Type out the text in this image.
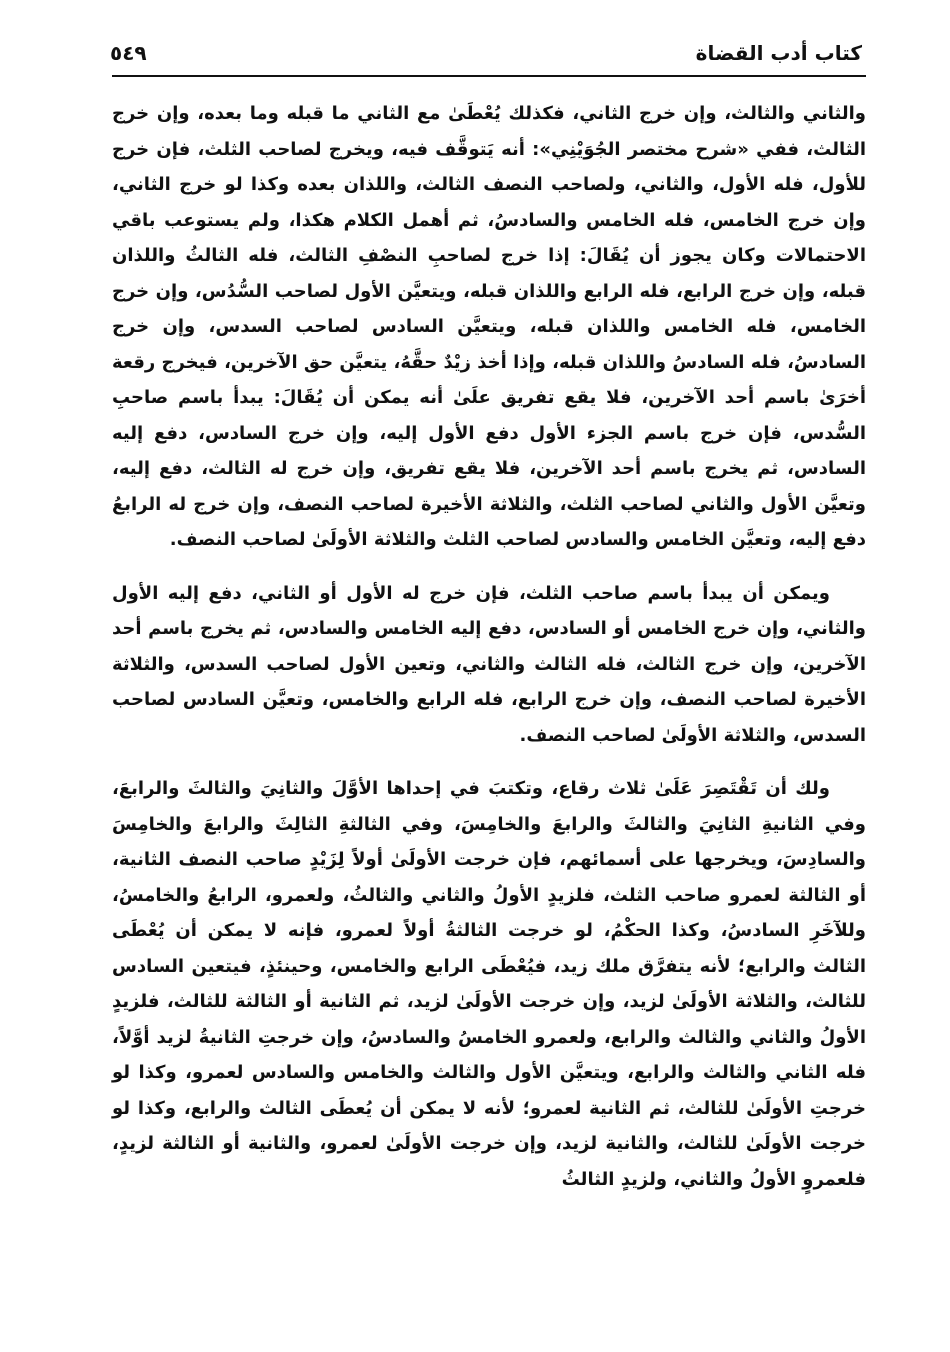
كتاب أدب القضاة
٥٤٩

والثاني والثالث، وإن خرج الثاني، فكذلك يُعْطَىٰ مع الثاني ما قبله وما بعده، وإن خرج الثالث، ففي «شرح مختصر الجُوَيْنِي»: أنه يَتوقَّف فيه، ويخرج لصاحب الثلث، فإن خرج للأول، فله الأول، والثاني، ولصاحب النصف الثالث، واللذان بعده وكذا لو خرج الثاني، وإن خرج الخامس، فله الخامس والسادسُ، ثم أهمل الكلام هكذا، ولم يستوعب باقي الاحتمالات وكان يجوز أن يُقَالَ: إذا خرج لصاحبِ النصْفِ الثالث، فله الثالثُ واللذان قبله، وإن خرج الرابع، فله الرابع واللذان قبله، ويتعيَّن الأول لصاحب السُّدُس، وإن خرج الخامس، فله الخامس واللذان قبله، ويتعيَّن السادس لصاحب السدس، وإن خرج السادسُ، فله السادسُ واللذان قبله، وإذا أخذ زيْدٌ حقَّهُ، يتعيَّن حق الآخرين، فيخرج رقعة أخرَىٰ باسم أحد الآخرين، فلا يقع تفريق علَىٰ أنه يمكن أن يُقَالَ: يبدأ باسم صاحبِ السُّدس، فإن خرج باسم الجزء الأول دفع الأول إليه، وإن خرج السادس، دفع إليه السادس، ثم يخرج باسم أحد الآخرين، فلا يقع تفريق، وإن خرج له الثالث، دفع إليه، وتعيَّن الأول والثاني لصاحب الثلث، والثلاثة الأخيرة لصاحب النصف، وإن خرج له الرابعُ دفع إليه، وتعيَّن الخامس والسادس لصاحب الثلث والثلاثة الأولَىٰ لصاحب النصف.

ويمكن أن يبدأ باسم صاحب الثلث، فإن خرج له الأول أو الثاني، دفع إليه الأول والثاني، وإن خرج الخامس أو السادس، دفع إليه الخامس والسادس، ثم يخرج باسم أحد الآخرين، وإن خرج الثالث، فله الثالث والثاني، وتعين الأول لصاحب السدس، والثلاثة الأخيرة لصاحب النصف، وإن خرج الرابع، فله الرابع والخامس، وتعيَّن السادس لصاحب السدس، والثلاثة الأولَىٰ لصاحب النصف.

ولك أن تَقْتَصِرَ عَلَىٰ ثلاث رقاع، وتكتبَ في إحداها الأوَّلَ والثانِيَ والثالثَ والرابعَ، وفي الثانيةِ الثانِيَ والثالثَ والرابعَ والخامِسَ، وفي الثالثةِ الثالِثَ والرابعَ والخامِسَ والسادِسَ، ويخرجها على أسمائهم، فإن خرجت الأولَىٰ أولاً لِزَيْدٍ صاحب النصف الثانية، أو الثالثة لعمرو صاحب الثلث، فلزيدٍ الأولُ والثاني والثالثُ، ولعمرو، الرابعُ والخامسُ، وللآخَرِ السادسُ، وكذا الحكْمُ، لو خرجت الثالثةُ أولاً لعمرو، فإنه لا يمكن أن يُعْطَى الثالث والرابع؛ لأنه يتفرَّق ملك زيد، فيُعْطَى الرابع والخامس، وحينئذٍ، فيتعين السادس للثالث، والثلاثة الأولَىٰ لزيد، وإن خرجت الأولَىٰ لزيد، ثم الثانية أو الثالثة للثالث، فلزيدٍ الأولُ والثاني والثالث والرابع، ولعمرو الخامسُ والسادسُ، وإن خرجتِ الثانيةُ لزيد أوَّلاً، فله الثاني والثالث والرابع، ويتعيَّن الأول والثالث والخامس والسادس لعمرو، وكذا لو خرجتِ الأولَىٰ للثالث، ثم الثانية لعمرو؛ لأنه لا يمكن أن يُعطَى الثالث والرابع، وكذا لو خرجت الأولَىٰ للثالث، والثانية لزيد، وإن خرجت الأولَىٰ لعمرو، والثانية أو الثالثة لزيدٍ، فلعمروٍ الأولُ والثاني، ولزيدٍ الثالثُ
